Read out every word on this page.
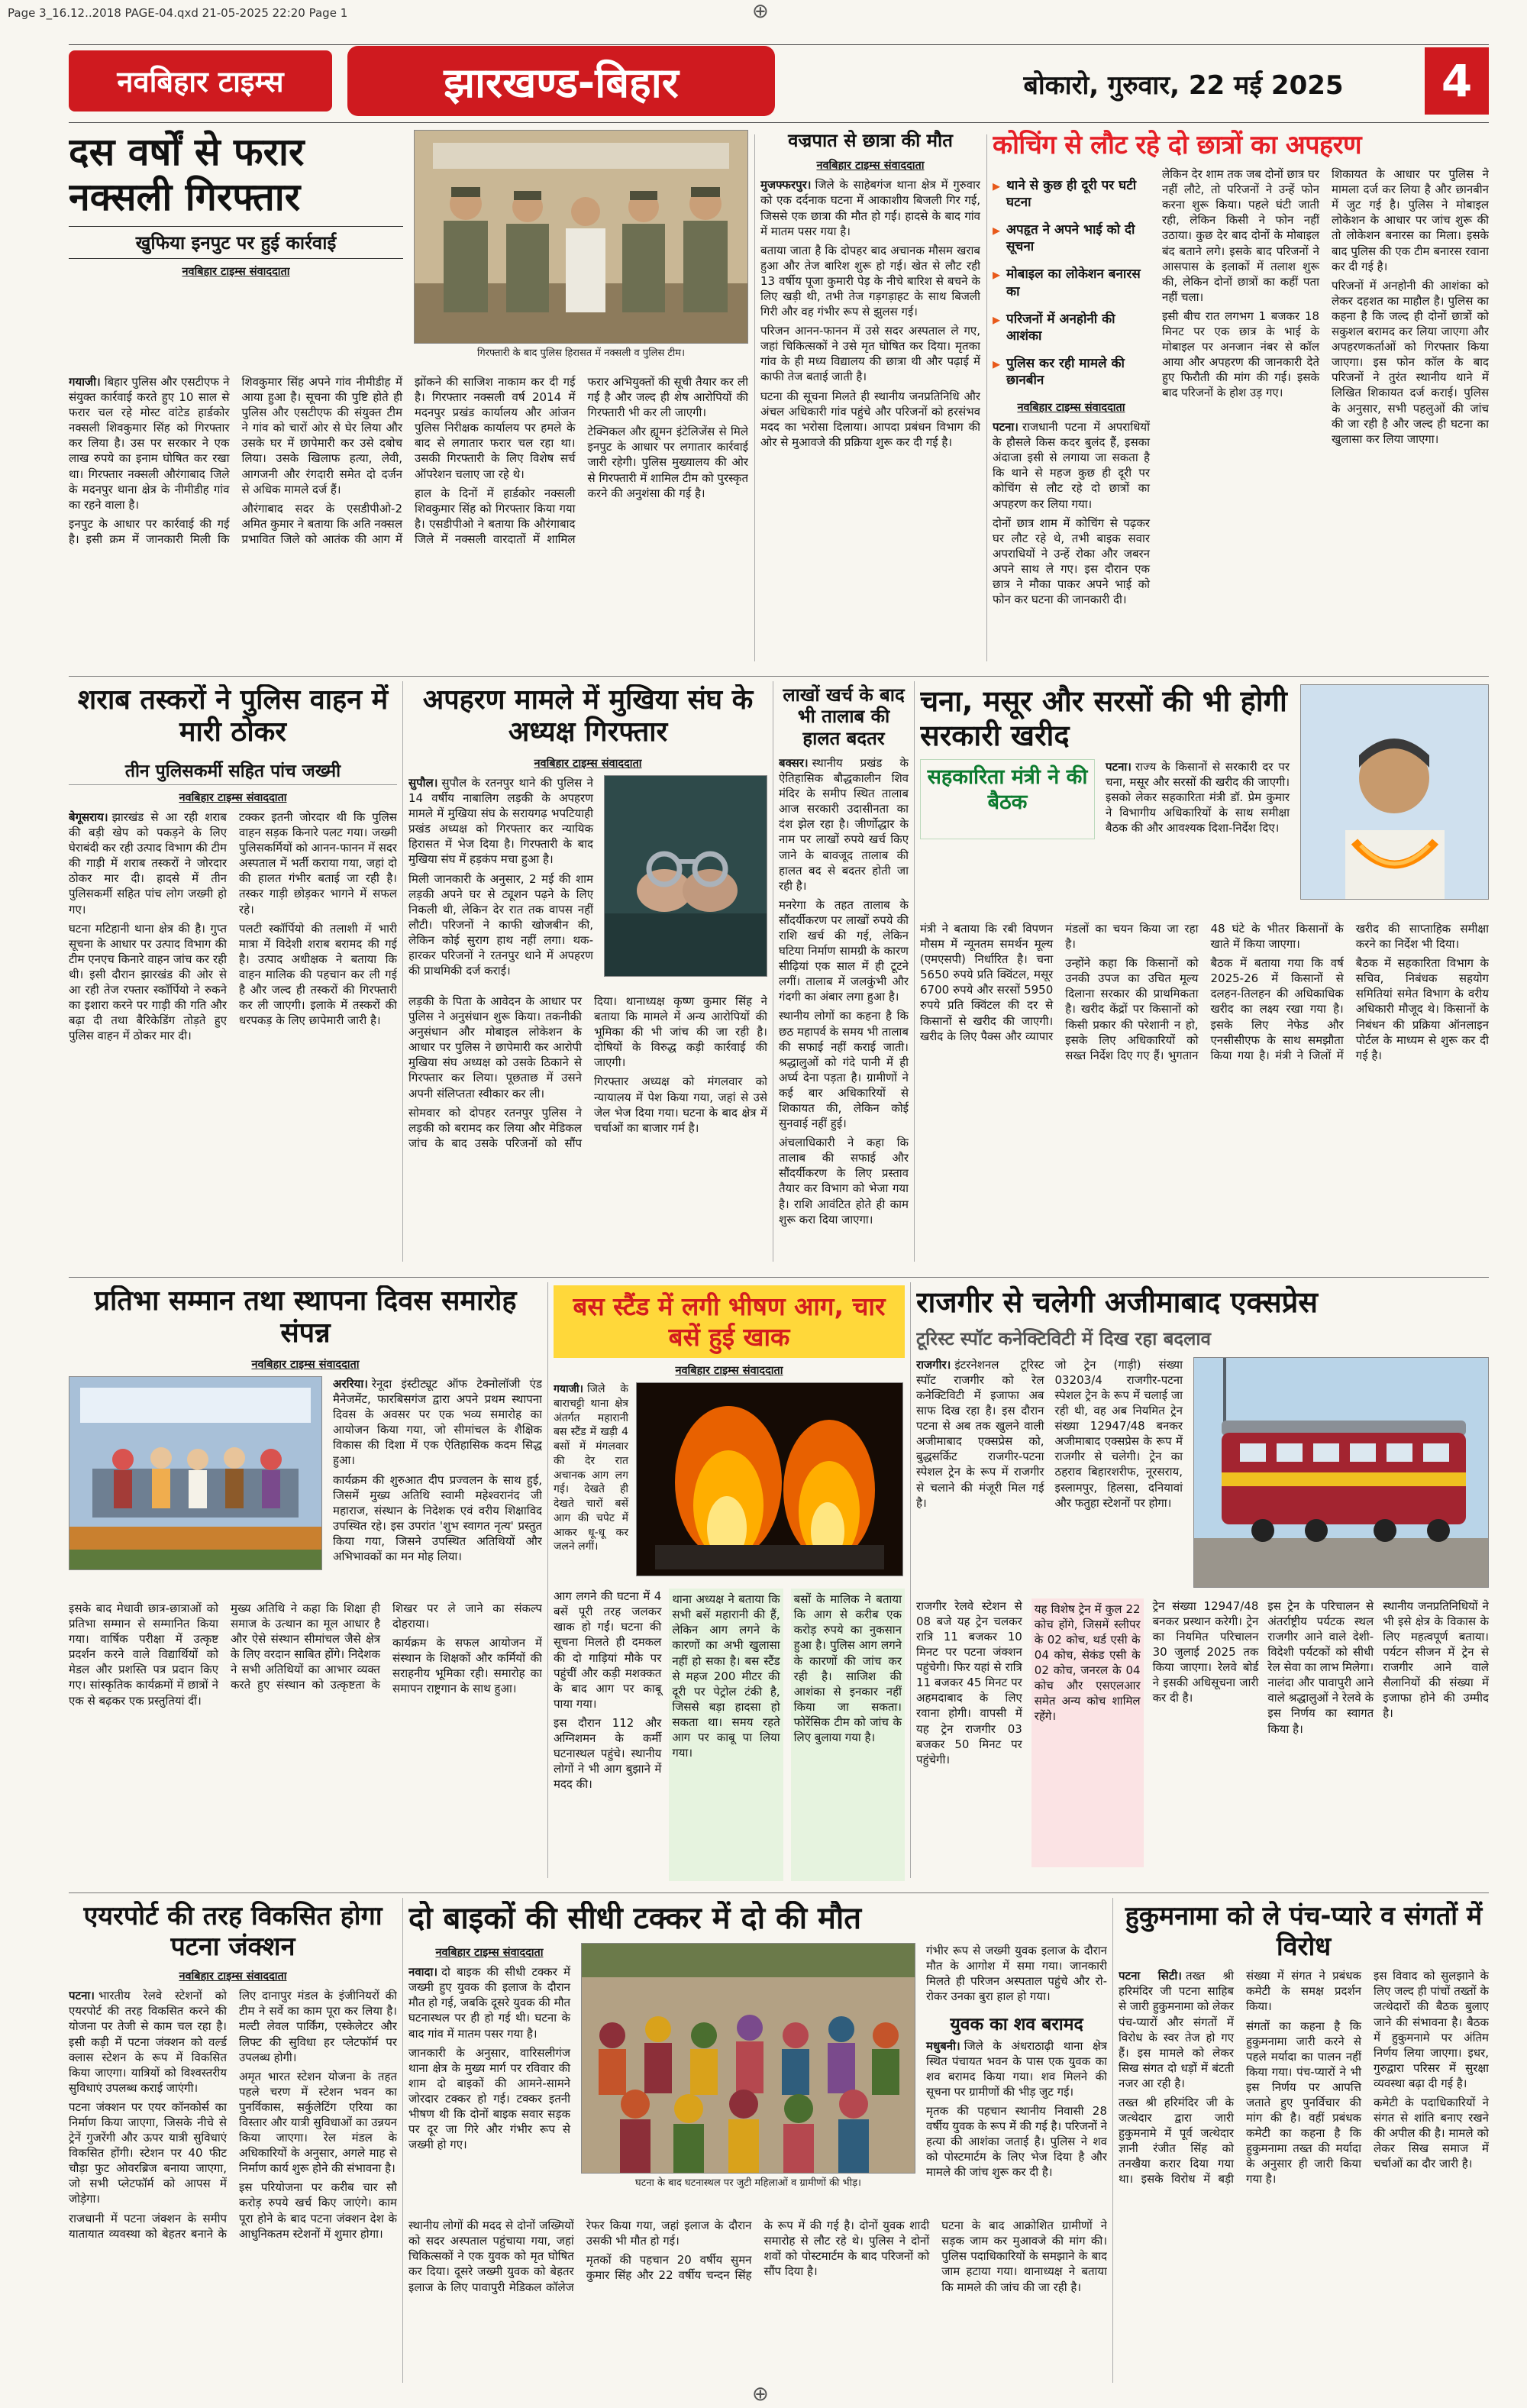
Page 3_16.12..2018 PAGE-04.qxd 21-05-2025 22:20 Page 1	⊕
नवबिहार टाइम्स	झारखण्ड-बिहार	बोकारो, गुरुवार, 22 मई 2025	4
दस वर्षों से फरार नक्सली गिरफ्तार
खुफिया इनपुट पर हुई कार्रवाई
नवबिहार टाइम्स संवाददाता
गिरफ्तारी के बाद पुलिस हिरासत में नक्सली व पुलिस टीम।

गयाजी। बिहार पुलिस और एसटीएफ ने संयुक्त कार्रवाई करते हुए 10 साल से फरार चल रहे मोस्ट वांटेड हार्डकोर नक्सली शिवकुमार सिंह को गिरफ्तार कर लिया है। उस पर सरकार ने एक लाख रुपये का इनाम घोषित कर रखा था। गिरफ्तार नक्सली औरंगाबाद जिले के मदनपुर थाना क्षेत्र के नीमीडीह गांव का रहने वाला है।

इनपुट के आधार पर कार्रवाई की गई है। इसी क्रम में जानकारी मिली कि शिवकुमार सिंह अपने गांव नीमीडीह में आया हुआ है। सूचना की पुष्टि होते ही पुलिस और एसटीएफ की संयुक्त टीम ने गांव को चारों ओर से घेर लिया और उसके घर में छापेमारी कर उसे दबोच लिया। उसके खिलाफ हत्या, लेवी, आगजनी और रंगदारी समेत दो दर्जन से अधिक मामले दर्ज हैं।

औरंगाबाद सदर के एसडीपीओ-2 अमित कुमार ने बताया कि अति नक्सल प्रभावित जिले को आतंक की आग में झोंकने की साजिश नाकाम कर दी गई है। गिरफ्तार नक्सली वर्ष 2014 में मदनपुर प्रखंड कार्यालय और आंजन पुलिस निरीक्षक कार्यालय पर हमले के बाद से लगातार फरार चल रहा था। उसकी गिरफ्तारी के लिए विशेष सर्च ऑपरेशन चलाए जा रहे थे।

हाल के दिनों में हार्डकोर नक्सली शिवकुमार सिंह को गिरफ्तार किया गया है। एसडीपीओ ने बताया कि औरंगाबाद जिले में नक्सली वारदातों में शामिल फरार अभियुक्तों की सूची तैयार कर ली गई है और जल्द ही शेष आरोपियों की गिरफ्तारी भी कर ली जाएगी।

टेक्निकल और ह्यूमन इंटेलिजेंस से मिले इनपुट के आधार पर लगातार कार्रवाई जारी रहेगी। पुलिस मुख्यालय की ओर से गिरफ्तारी में शामिल टीम को पुरस्कृत करने की अनुशंसा की गई है।

वज्रपात से छात्रा की मौत
नवबिहार टाइम्स संवाददाता

मुजफ्फरपुर। जिले के साहेबगंज थाना क्षेत्र में गुरुवार को एक दर्दनाक घटना में आकाशीय बिजली गिर गई, जिससे एक छात्रा की मौत हो गई। हादसे के बाद गांव में मातम पसर गया है।

बताया जाता है कि दोपहर बाद अचानक मौसम खराब हुआ और तेज बारिश शुरू हो गई। खेत से लौट रही 13 वर्षीय पूजा कुमारी पेड़ के नीचे बारिश से बचने के लिए खड़ी थी, तभी तेज गड़गड़ाहट के साथ बिजली गिरी और वह गंभीर रूप से झुलस गई।

परिजन आनन-फानन में उसे सदर अस्पताल ले गए, जहां चिकित्सकों ने उसे मृत घोषित कर दिया। मृतका गांव के ही मध्य विद्यालय की छात्रा थी और पढ़ाई में काफी तेज बताई जाती है।

घटना की सूचना मिलते ही स्थानीय जनप्रतिनिधि और अंचल अधिकारी गांव पहुंचे और परिजनों को हरसंभव मदद का भरोसा दिलाया। आपदा प्रबंधन विभाग की ओर से मुआवजे की प्रक्रिया शुरू कर दी गई है।

कोचिंग से लौट रहे दो छात्रों का अपहरण
▸ थाने से कुछ ही दूरी पर घटी घटना
▸ अपहृत ने अपने भाई को दी सूचना
▸ मोबाइल का लोकेशन बनारस का
▸ परिजनों में अनहोनी की आशंका
▸ पुलिस कर रही मामले की छानबीन
नवबिहार टाइम्स संवाददाता

पटना। राजधानी पटना में अपराधियों के हौसले किस कदर बुलंद हैं, इसका अंदाजा इसी से लगाया जा सकता है कि थाने से महज कुछ ही दूरी पर कोचिंग से लौट रहे दो छात्रों का अपहरण कर लिया गया।

दोनों छात्र शाम में कोचिंग से पढ़कर घर लौट रहे थे, तभी बाइक सवार अपराधियों ने उन्हें रोका और जबरन अपने साथ ले गए। इस दौरान एक छात्र ने मौका पाकर अपने भाई को फोन कर घटना की जानकारी दी।

लेकिन देर शाम तक जब दोनों छात्र घर नहीं लौटे, तो परिजनों ने उन्हें फोन करना शुरू किया। पहले घंटी जाती रही, लेकिन किसी ने फोन नहीं उठाया। कुछ देर बाद दोनों के मोबाइल बंद बताने लगे। इसके बाद परिजनों ने आसपास के इलाकों में तलाश शुरू की, लेकिन दोनों छात्रों का कहीं पता नहीं चला।

इसी बीच रात लगभग 1 बजकर 18 मिनट पर एक छात्र के भाई के मोबाइल पर अनजान नंबर से कॉल आया और अपहरण की जानकारी देते हुए फिरौती की मांग की गई। इसके बाद परिजनों के होश उड़ गए।

शिकायत के आधार पर पुलिस ने मामला दर्ज कर लिया है और छानबीन में जुट गई है। पुलिस ने मोबाइल लोकेशन के आधार पर जांच शुरू की तो लोकेशन बनारस का मिला। इसके बाद पुलिस की एक टीम बनारस रवाना कर दी गई है।

परिजनों में अनहोनी की आशंका को लेकर दहशत का माहौल है। पुलिस का कहना है कि जल्द ही दोनों छात्रों को सकुशल बरामद कर लिया जाएगा और अपहरणकर्ताओं को गिरफ्तार किया जाएगा। इस फोन कॉल के बाद परिजनों ने तुरंत स्थानीय थाने में लिखित शिकायत दर्ज कराई। पुलिस के अनुसार, सभी पहलुओं की जांच की जा रही है और जल्द ही घटना का खुलासा कर लिया जाएगा।

शराब तस्करों ने पुलिस वाहन में मारी ठोकर
तीन पुलिसकर्मी सहित पांच जख्मी
नवबिहार टाइम्स संवाददाता

बेगूसराय। झारखंड से आ रही शराब की बड़ी खेप को पकड़ने के लिए घेराबंदी कर रही उत्पाद विभाग की टीम की गाड़ी में शराब तस्करों ने जोरदार ठोकर मार दी। हादसे में तीन पुलिसकर्मी सहित पांच लोग जख्मी हो गए।

घटना मटिहानी थाना क्षेत्र की है। गुप्त सूचना के आधार पर उत्पाद विभाग की टीम एनएच किनारे वाहन जांच कर रही थी। इसी दौरान झारखंड की ओर से आ रही तेज रफ्तार स्कॉर्पियो ने रुकने का इशारा करने पर गाड़ी की गति और बढ़ा दी तथा बैरिकेडिंग तोड़ते हुए पुलिस वाहन में ठोकर मार दी।

टक्कर इतनी जोरदार थी कि पुलिस वाहन सड़क किनारे पलट गया। जख्मी पुलिसकर्मियों को आनन-फानन में सदर अस्पताल में भर्ती कराया गया, जहां दो की हालत गंभीर बताई जा रही है। तस्कर गाड़ी छोड़कर भागने में सफल रहे।

पलटी स्कॉर्पियो की तलाशी में भारी मात्रा में विदेशी शराब बरामद की गई है। उत्पाद अधीक्षक ने बताया कि वाहन मालिक की पहचान कर ली गई है और जल्द ही तस्करों की गिरफ्तारी कर ली जाएगी। इलाके में तस्करों की धरपकड़ के लिए छापेमारी जारी है।

अपहरण मामले में मुखिया संघ के अध्यक्ष गिरफ्तार
नवबिहार टाइम्स संवाददाता

सुपौल। सुपौल के रतनपुर थाने की पुलिस ने 14 वर्षीय नाबालिग लड़की के अपहरण मामले में मुखिया संघ के सरायगढ़ भपटियाही प्रखंड अध्यक्ष को गिरफ्तार कर न्यायिक हिरासत में भेज दिया है। गिरफ्तारी के बाद मुखिया संघ में हड़कंप मचा हुआ है।

मिली जानकारी के अनुसार, 2 मई की शाम लड़की अपने घर से ट्यूशन पढ़ने के लिए निकली थी, लेकिन देर रात तक वापस नहीं लौटी। परिजनों ने काफी खोजबीन की, लेकिन कोई सुराग हाथ नहीं लगा। थक-हारकर परिजनों ने रतनपुर थाने में अपहरण की प्राथमिकी दर्ज कराई।

लड़की के पिता के आवेदन के आधार पर पुलिस ने अनुसंधान शुरू किया। तकनीकी अनुसंधान और मोबाइल लोकेशन के आधार पर पुलिस ने छापेमारी कर आरोपी मुखिया संघ अध्यक्ष को उसके ठिकाने से गिरफ्तार कर लिया। पूछताछ में उसने अपनी संलिप्तता स्वीकार कर ली।

सोमवार को दोपहर रतनपुर पुलिस ने लड़की को बरामद कर लिया और मेडिकल जांच के बाद उसके परिजनों को सौंप दिया। थानाध्यक्ष कृष्ण कुमार सिंह ने बताया कि मामले में अन्य आरोपियों की भूमिका की भी जांच की जा रही है। दोषियों के विरुद्ध कड़ी कार्रवाई की जाएगी।

गिरफ्तार अध्यक्ष को मंगलवार को न्यायालय में पेश किया गया, जहां से उसे जेल भेज दिया गया। घटना के बाद क्षेत्र में चर्चाओं का बाजार गर्म है।

लाखों खर्च के बाद भी तालाब की हालत बदतर

बक्सर। स्थानीय प्रखंड के ऐतिहासिक बौद्धकालीन शिव मंदिर के समीप स्थित तालाब आज सरकारी उदासीनता का दंश झेल रहा है। जीर्णोद्धार के नाम पर लाखों रुपये खर्च किए जाने के बावजूद तालाब की हालत बद से बदतर होती जा रही है।

मनरेगा के तहत तालाब के सौंदर्यीकरण पर लाखों रुपये की राशि खर्च की गई, लेकिन घटिया निर्माण सामग्री के कारण सीढ़ियां एक साल में ही टूटने लगीं। तालाब में जलकुंभी और गंदगी का अंबार लगा हुआ है।

स्थानीय लोगों का कहना है कि छठ महापर्व के समय भी तालाब की सफाई नहीं कराई जाती। श्रद्धालुओं को गंदे पानी में ही अर्घ्य देना पड़ता है। ग्रामीणों ने कई बार अधिकारियों से शिकायत की, लेकिन कोई सुनवाई नहीं हुई।

अंचलाधिकारी ने कहा कि तालाब की सफाई और सौंदर्यीकरण के लिए प्रस्ताव तैयार कर विभाग को भेजा गया है। राशि आवंटित होते ही काम शुरू करा दिया जाएगा।

चना, मसूर और सरसों की भी होगी सरकारी खरीद
सहकारिता मंत्री ने की बैठक

पटना। राज्य के किसानों से सरकारी दर पर चना, मसूर और सरसों की खरीद की जाएगी। इसको लेकर सहकारिता मंत्री डॉ. प्रेम कुमार ने विभागीय अधिकारियों के साथ समीक्षा बैठक की और आवश्यक दिशा-निर्देश दिए।

मंत्री ने बताया कि रबी विपणन मौसम में न्यूनतम समर्थन मूल्य (एमएसपी) निर्धारित है। चना 5650 रुपये प्रति क्विंटल, मसूर 6700 रुपये और सरसों 5950 रुपये प्रति क्विंटल की दर से किसानों से खरीद की जाएगी। खरीद के लिए पैक्स और व्यापार मंडलों का चयन किया जा रहा है।

उन्होंने कहा कि किसानों को उनकी उपज का उचित मूल्य दिलाना सरकार की प्राथमिकता है। खरीद केंद्रों पर किसानों को किसी प्रकार की परेशानी न हो, इसके लिए अधिकारियों को सख्त निर्देश दिए गए हैं। भुगतान 48 घंटे के भीतर किसानों के खाते में किया जाएगा।

बैठक में बताया गया कि वर्ष 2025-26 में किसानों से दलहन-तिलहन की अधिकाधिक खरीद का लक्ष्य रखा गया है। इसके लिए नेफेड और एनसीसीएफ के साथ समझौता किया गया है। मंत्री ने जिलों में खरीद की साप्ताहिक समीक्षा करने का निर्देश भी दिया।

बैठक में सहकारिता विभाग के सचिव, निबंधक सहयोग समितियां समेत विभाग के वरीय अधिकारी मौजूद थे। किसानों के निबंधन की प्रक्रिया ऑनलाइन पोर्टल के माध्यम से शुरू कर दी गई है।

प्रतिभा सम्मान तथा स्थापना दिवस समारोह संपन्न
नवबिहार टाइम्स संवाददाता

अररिया। रेनूदा इंस्टीट्यूट ऑफ टेक्नोलॉजी एंड मैनेजमेंट, फारबिसगंज द्वारा अपने प्रथम स्थापना दिवस के अवसर पर एक भव्य समारोह का आयोजन किया गया, जो सीमांचल के शैक्षिक विकास की दिशा में एक ऐतिहासिक कदम सिद्ध हुआ।

कार्यक्रम की शुरुआत दीप प्रज्वलन के साथ हुई, जिसमें मुख्य अतिथि स्वामी महेश्वरानंद जी महाराज, संस्थान के निदेशक एवं वरीय शिक्षाविद उपस्थित रहे। इस उपरांत 'शुभ स्वागत नृत्य' प्रस्तुत किया गया, जिसने उपस्थित अतिथियों और अभिभावकों का मन मोह लिया।

इसके बाद मेधावी छात्र-छात्राओं को प्रतिभा सम्मान से सम्मानित किया गया। वार्षिक परीक्षा में उत्कृष्ट प्रदर्शन करने वाले विद्यार्थियों को मेडल और प्रशस्ति पत्र प्रदान किए गए। सांस्कृतिक कार्यक्रमों में छात्रों ने एक से बढ़कर एक प्रस्तुतियां दीं।

मुख्य अतिथि ने कहा कि शिक्षा ही समाज के उत्थान का मूल आधार है और ऐसे संस्थान सीमांचल जैसे क्षेत्र के लिए वरदान साबित होंगे। निदेशक ने सभी अतिथियों का आभार व्यक्त करते हुए संस्थान को उत्कृष्टता के शिखर पर ले जाने का संकल्प दोहराया।

कार्यक्रम के सफल आयोजन में संस्थान के शिक्षकों और कर्मियों की सराहनीय भूमिका रही। समारोह का समापन राष्ट्रगान के साथ हुआ।

बस स्टैंड में लगी भीषण आग, चार बसें हुई खाक
नवबिहार टाइम्स संवाददाता

गयाजी। जिले के बाराचट्टी थाना क्षेत्र अंतर्गत महारानी बस स्टैंड में खड़ी 4 बसों में मंगलवार की देर रात अचानक आग लग गई। देखते ही देखते चारों बसें आग की चपेट में आकर धू-धू कर जलने लगीं।

आग लगने की घटना में 4 बसें पूरी तरह जलकर खाक हो गईं। घटना की सूचना मिलते ही दमकल की दो गाड़ियां मौके पर पहुंचीं और कड़ी मशक्कत के बाद आग पर काबू पाया गया।

इस दौरान 112 और अग्निशमन के कर्मी घटनास्थल पहुंचे। स्थानीय लोगों ने भी आग बुझाने में मदद की।

थाना अध्यक्ष ने बताया कि सभी बसें महारानी की हैं, लेकिन आग लगने के कारणों का अभी खुलासा नहीं हो सका है। बस स्टैंड से महज 200 मीटर की दूरी पर पेट्रोल टंकी है, जिससे बड़ा हादसा हो सकता था। समय रहते आग पर काबू पा लिया गया।

बसों के मालिक ने बताया कि आग से करीब एक करोड़ रुपये का नुकसान हुआ है। पुलिस आग लगने के कारणों की जांच कर रही है। साजिश की आशंका से इनकार नहीं किया जा सकता। फोरेंसिक टीम को जांच के लिए बुलाया गया है।

राजगीर से चलेगी अजीमाबाद एक्सप्रेस
टूरिस्ट स्पॉट कनेक्टिविटी में दिख रहा बदलाव

राजगीर। इंटरनेशनल टूरिस्ट स्पॉट राजगीर को रेल कनेक्टिविटी में इजाफा अब साफ दिख रहा है। इस दौरान पटना से अब तक खुलने वाली अजीमाबाद एक्सप्रेस को, बुद्धसर्किट राजगीर-पटना स्पेशल ट्रेन के रूप में राजगीर से चलाने की मंजूरी मिल गई है।

जो ट्रेन (गाड़ी) संख्या 03203/4 राजगीर-पटना स्पेशल ट्रेन के रूप में चलाई जा रही थी, वह अब नियमित ट्रेन संख्या 12947/48 बनकर अजीमाबाद एक्सप्रेस के रूप में राजगीर से चलेगी। ट्रेन का ठहराव बिहारशरीफ, नूरसराय, इस्लामपुर, हिलसा, दनियावां और फतुहा स्टेशनों पर होगा।

राजगीर रेलवे स्टेशन से 08 बजे यह ट्रेन चलकर रात्रि 11 बजकर 10 मिनट पर पटना जंक्शन पहुंचेगी। फिर यहां से रात्रि 11 बजकर 45 मिनट पर अहमदाबाद के लिए रवाना होगी। वापसी में यह ट्रेन राजगीर 03 बजकर 50 मिनट पर पहुंचेगी।

यह विशेष ट्रेन में कुल 22 कोच होंगे, जिसमें स्लीपर के 02 कोच, थर्ड एसी के 04 कोच, सेकंड एसी के 02 कोच, जनरल के 04 कोच और एसएलआर समेत अन्य कोच शामिल रहेंगे।

ट्रेन संख्या 12947/48 बनकर प्रस्थान करेगी। ट्रेन का नियमित परिचालन 30 जुलाई 2025 तक किया जाएगा। रेलवे बोर्ड ने इसकी अधिसूचना जारी कर दी है।

इस ट्रेन के परिचालन से अंतर्राष्ट्रीय पर्यटक स्थल राजगीर आने वाले देशी-विदेशी पर्यटकों को सीधी रेल सेवा का लाभ मिलेगा। नालंदा और पावापुरी आने वाले श्रद्धालुओं ने रेलवे के इस निर्णय का स्वागत किया है।

स्थानीय जनप्रतिनिधियों ने भी इसे क्षेत्र के विकास के लिए महत्वपूर्ण बताया। पर्यटन सीजन में ट्रेन से राजगीर आने वाले सैलानियों की संख्या में इजाफा होने की उम्मीद है।

एयरपोर्ट की तरह विकसित होगा पटना जंक्शन
नवबिहार टाइम्स संवाददाता

पटना। भारतीय रेलवे स्टेशनों को एयरपोर्ट की तरह विकसित करने की योजना पर तेजी से काम चल रहा है। इसी कड़ी में पटना जंक्शन को वर्ल्ड क्लास स्टेशन के रूप में विकसित किया जाएगा। यात्रियों को विश्वस्तरीय सुविधाएं उपलब्ध कराई जाएंगी।

पटना जंक्शन पर एयर कॉनकोर्स का निर्माण किया जाएगा, जिसके नीचे से ट्रेनें गुजरेंगी और ऊपर यात्री सुविधाएं विकसित होंगी। स्टेशन पर 40 फीट चौड़ा फुट ओवरब्रिज बनाया जाएगा, जो सभी प्लेटफॉर्म को आपस में जोड़ेगा।

राजधानी में पटना जंक्शन के समीप यातायात व्यवस्था को बेहतर बनाने के लिए दानापुर मंडल के इंजीनियरों की टीम ने सर्वे का काम पूरा कर लिया है। मल्टी लेवल पार्किंग, एस्केलेटर और लिफ्ट की सुविधा हर प्लेटफॉर्म पर उपलब्ध होगी।

अमृत भारत स्टेशन योजना के तहत पहले चरण में स्टेशन भवन का पुनर्विकास, सर्कुलेटिंग एरिया का विस्तार और यात्री सुविधाओं का उन्नयन किया जाएगा। रेल मंडल के अधिकारियों के अनुसार, अगले माह से निर्माण कार्य शुरू होने की संभावना है।

इस परियोजना पर करीब चार सौ करोड़ रुपये खर्च किए जाएंगे। काम पूरा होने के बाद पटना जंक्शन देश के आधुनिकतम स्टेशनों में शुमार होगा।

दो बाइकों की सीधी टक्कर में दो की मौत
नवबिहार टाइम्स संवाददाता

नवादा। दो बाइक की सीधी टक्कर में जख्मी हुए युवक की इलाज के दौरान मौत हो गई, जबकि दूसरे युवक की मौत घटनास्थल पर ही हो गई थी। घटना के बाद गांव में मातम पसर गया है।

जानकारी के अनुसार, वारिसलीगंज थाना क्षेत्र के मुख्य मार्ग पर रविवार की शाम दो बाइकों की आमने-सामने जोरदार टक्कर हो गई। टक्कर इतनी भीषण थी कि दोनों बाइक सवार सड़क पर दूर जा गिरे और गंभीर रूप से जख्मी हो गए।

घटना के बाद घटनास्थल पर जुटी महिलाओं व ग्रामीणों की भीड़।

गंभीर रूप से जख्मी युवक इलाज के दौरान मौत के आगोश में समा गया। जानकारी मिलते ही परिजन अस्पताल पहुंचे और रो-रोकर उनका बुरा हाल हो गया।

युवक का शव बरामद

मधुबनी। जिले के अंधराठाढ़ी थाना क्षेत्र स्थित पंचायत भवन के पास एक युवक का शव बरामद किया गया। शव मिलने की सूचना पर ग्रामीणों की भीड़ जुट गई।

मृतक की पहचान स्थानीय निवासी 28 वर्षीय युवक के रूप में की गई है। परिजनों ने हत्या की आशंका जताई है। पुलिस ने शव को पोस्टमार्टम के लिए भेज दिया है और मामले की जांच शुरू कर दी है।

स्थानीय लोगों की मदद से दोनों जख्मियों को सदर अस्पताल पहुंचाया गया, जहां चिकित्सकों ने एक युवक को मृत घोषित कर दिया। दूसरे जख्मी युवक को बेहतर इलाज के लिए पावापुरी मेडिकल कॉलेज रेफर किया गया, जहां इलाज के दौरान उसकी भी मौत हो गई।

मृतकों की पहचान 20 वर्षीय सुमन कुमार सिंह और 22 वर्षीय चन्दन सिंह के रूप में की गई है। दोनों युवक शादी समारोह से लौट रहे थे। पुलिस ने दोनों शवों को पोस्टमार्टम के बाद परिजनों को सौंप दिया है।

घटना के बाद आक्रोशित ग्रामीणों ने सड़क जाम कर मुआवजे की मांग की। पुलिस पदाधिकारियों के समझाने के बाद जाम हटाया गया। थानाध्यक्ष ने बताया कि मामले की जांच की जा रही है।

हुकुमनामा को ले पंच-प्यारे व संगतों में विरोध

पटना सिटी। तख्त श्री हरिमंदिर जी पटना साहिब से जारी हुकुमनामा को लेकर पंच-प्यारों और संगतों में विरोध के स्वर तेज हो गए हैं। इस मामले को लेकर सिख संगत दो धड़ों में बंटती नजर आ रही है।

तख्त श्री हरिमंदिर जी के जत्थेदार द्वारा जारी हुकुमनामे में पूर्व जत्थेदार ज्ञानी रंजीत सिंह को तनखैया करार दिया गया था। इसके विरोध में बड़ी संख्या में संगत ने प्रबंधक कमेटी के समक्ष प्रदर्शन किया।

संगतों का कहना है कि हुकुमनामा जारी करने से पहले मर्यादा का पालन नहीं किया गया। पंच-प्यारों ने भी इस निर्णय पर आपत्ति जताते हुए पुनर्विचार की मांग की है। वहीं प्रबंधक कमेटी का कहना है कि हुकुमनामा तख्त की मर्यादा के अनुसार ही जारी किया गया है।

इस विवाद को सुलझाने के लिए जल्द ही पांचों तख्तों के जत्थेदारों की बैठक बुलाए जाने की संभावना है। बैठक में हुकुमनामे पर अंतिम निर्णय लिया जाएगा। इधर, गुरुद्वारा परिसर में सुरक्षा व्यवस्था बढ़ा दी गई है।

कमेटी के पदाधिकारियों ने संगत से शांति बनाए रखने की अपील की है। मामले को लेकर सिख समाज में चर्चाओं का दौर जारी है।

⊕
